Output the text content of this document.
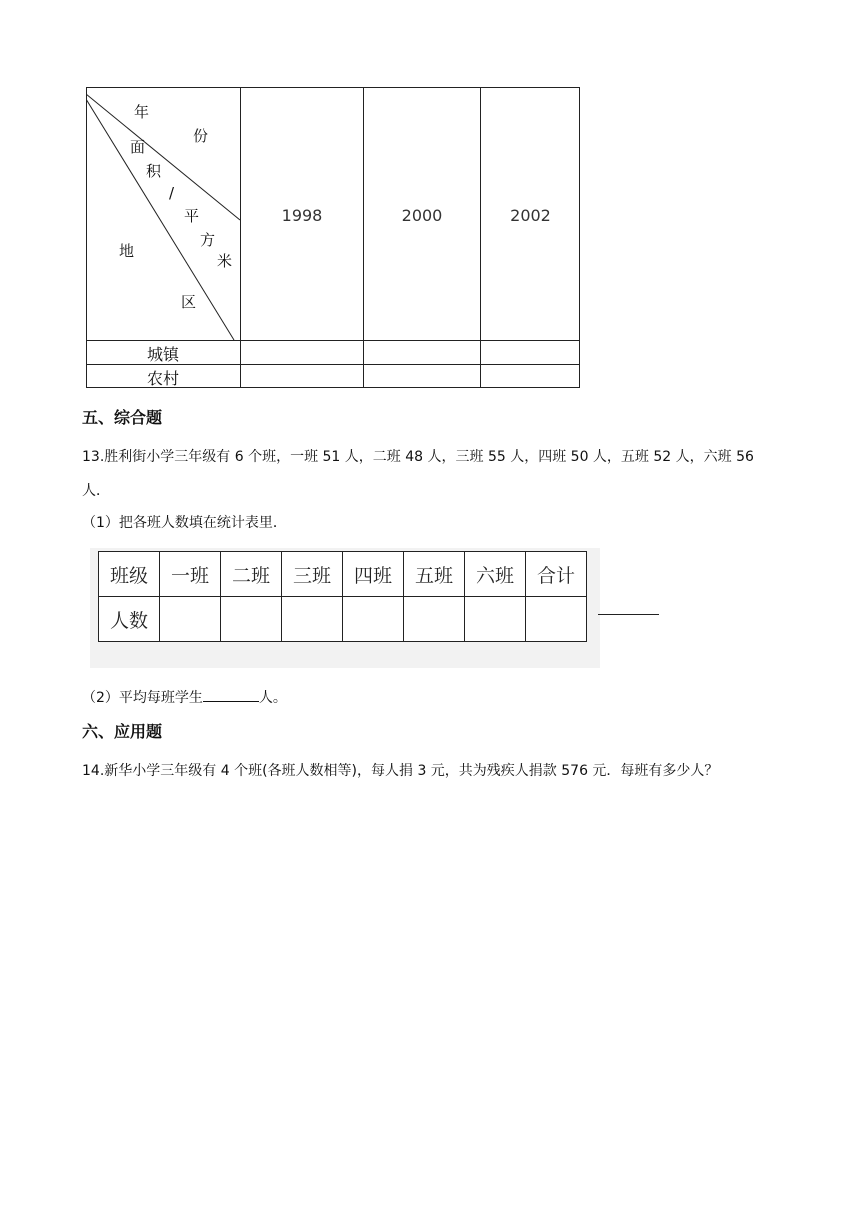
年
份
面
积
/
平
方
米
地
区
1998	2000	2002
城镇
农村
五、综合题
13.胜利街小学三年级有 6 个班，一班 51 人，二班 48 人，三班 55 人，四班 50 人，五班 52 人，六班 56
人．
（1）把各班人数填在统计表里．
班级	一班	二班	三班	四班	五班	六班	合计
人数							
（2）平均每班学生	人。
六、应用题
14.新华小学三年级有 4 个班(各班人数相等)，每人捐 3 元，共为残疾人捐款 576 元．每班有多少人？
